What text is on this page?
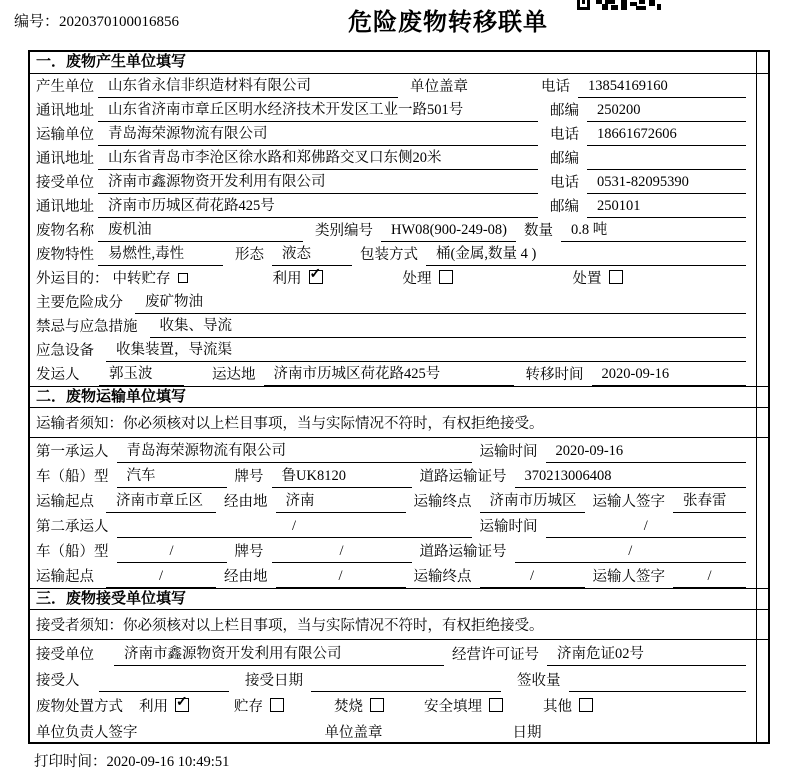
编号：2020370100016856	危险废物转移联单
一．废物产生单位填写
产生单位 山东省永信非织造材料有限公司	单位盖章	电话	13854169160
通讯地址 山东省济南市章丘区明水经济技术开发区工业一路501号	邮编	250200
运输单位 青岛海荣源物流有限公司	电话	18661672606
通讯地址 山东省青岛市李沧区徐水路和郑佛路交叉口东侧20米	邮编
接受单位 济南市鑫源物资开发利用有限公司	电话	0531-82095390
通讯地址 济南市历城区荷花路425号	邮编	250101
废物名称 废机油	类别编号	HW08(900-249-08)	数量	0.8 吨
废物特性 易燃性,毒性	形态	液态	包装方式	桶(金属,数量 4 )
外运目的： 中转贮存	利用 ✓	处理	处置
主要危险成分	废矿物油
禁忌与应急措施	收集、导流
应急设备	收集装置，导流渠
发运人	郭玉波	运达地	济南市历城区荷花路425号	转移时间	2020-09-16
二．废物运输单位填写
运输者须知：你必须核对以上栏目事项，当与实际情况不符时，有权拒绝接受。
第一承运人	青岛海荣源物流有限公司	运输时间	2020-09-16
车（船）型	汽车	牌号	鲁UK8120	道路运输证号	370213006408
运输起点	济南市章丘区	经由地	济南	运输终点	济南市历城区	运输人签字	张春雷
第二承运人	/	运输时间	/
车（船）型	/	牌号	/	道路运输证号	/
运输起点	/	经由地	/	运输终点	/	运输人签字	/
三．废物接受单位填写
接受者须知：你必须核对以上栏目事项，当与实际情况不符时，有权拒绝接受。
接受单位	济南市鑫源物资开发利用有限公司	经营许可证号	济南危证02号
接受人	接受日期	签收量
废物处置方式 利用 ✓	贮存	焚烧	安全填埋	其他
单位负责人签字	单位盖章	日期
打印时间：2020-09-16 10:49:51
